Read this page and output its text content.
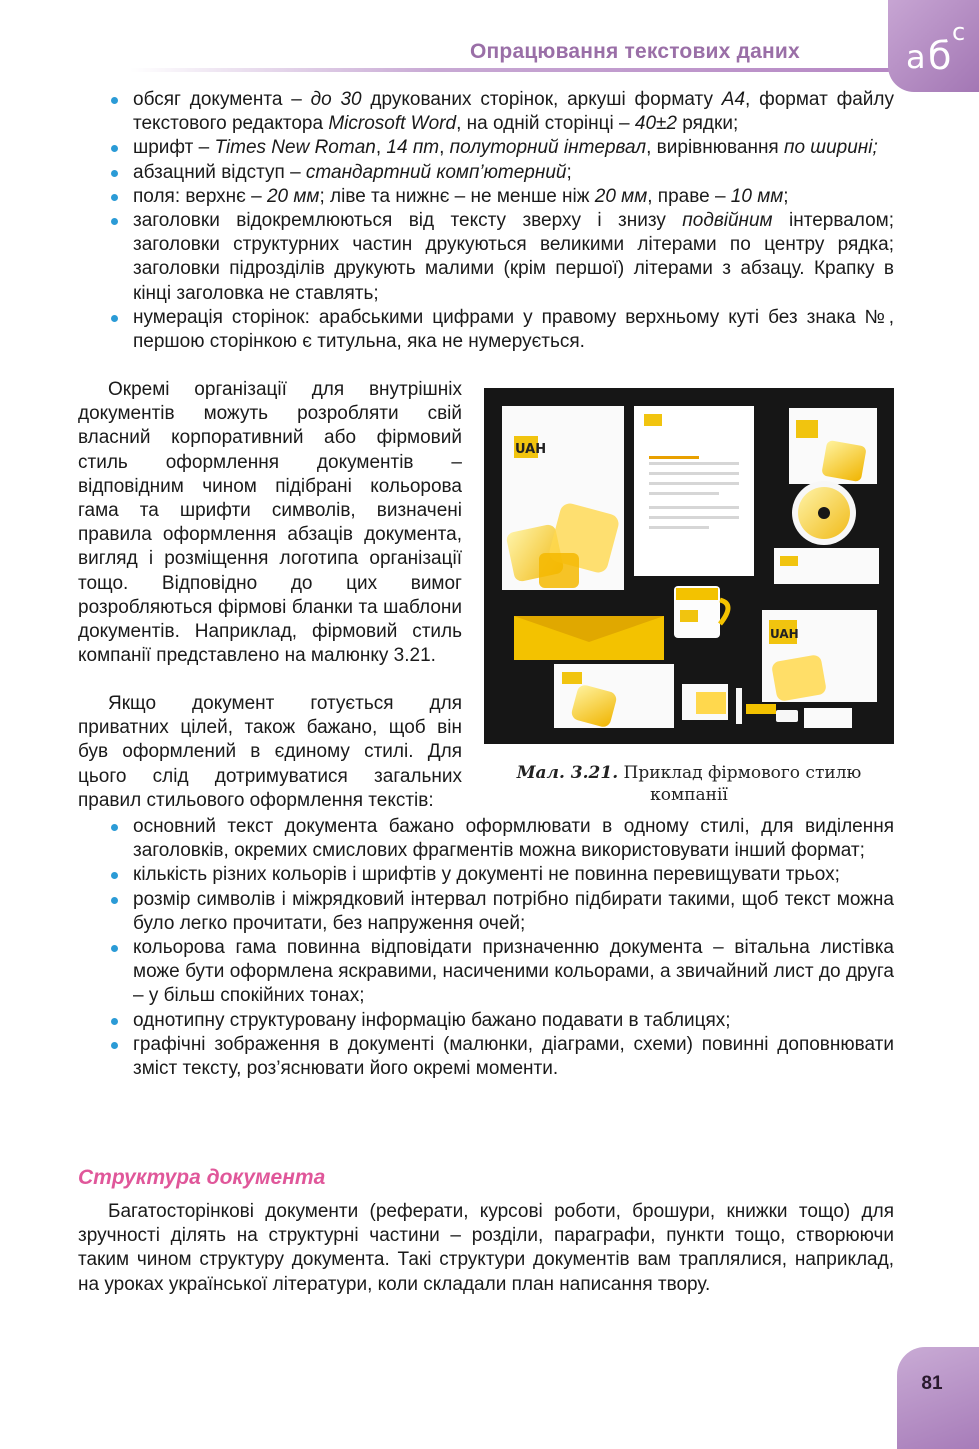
Опрацювання текстових даних	a б
c
обсяг документа – до 30 друкованих сторінок, аркуші формату А4, формат файлу текстового редактора Microsoft Word, на одній сторінці – 40±2 рядки;
шрифт – Times New Roman, 14 пт, полуторний інтервал, вирівнювання по ширині;
абзацний відступ – стандартний комп’ютерний;
поля: верхнє – 20 мм; ліве та нижнє – не менше ніж 20 мм, праве – 10 мм;
заголовки відокремлюються від тексту зверху і знизу подвійним інтервалом; заголовки структурних частин друкуються великими літерами по центру рядка; заголовки підрозділів друкують малими (крім першої) літерами з абзацу. Крапку в кінці заголовка не ставлять;
нумерація сторінок: арабськими цифрами у правому верхньому куті без знака №, першою сторінкою є титульна, яка не нумерується.
Окремі організації для внутрішніх документів можуть розробляти свій власний корпоративний або фірмовий стиль оформлення документів – відповідним чином підібрані кольорова гама та шрифти символів, визначені правила оформлення абзаців документа, вигляд і розміщення логотипа організації тощо. Відповідно до цих вимог розробляються фірмові бланки та шаблони документів. Наприклад, фірмовий стиль компанії представлено на малюнку 3.21.
Якщо документ готується для приватних цілей, також бажано, щоб він був оформлений в єдиному стилі. Для цього слід дотримуватися загальних правил стильового оформлення текстів:
UAH
UAH
Мал. 3.21. Приклад фірмового стилю компанії
основний текст документа бажано оформлювати в одному стилі, для виділення заголовків, окремих смислових фрагментів можна використовувати інший формат;
кількість різних кольорів і шрифтів у документі не повинна перевищувати трьох;
розмір символів і міжрядковий інтервал потрібно підбирати такими, щоб текст можна було легко прочитати, без напруження очей;
кольорова гама повинна відповідати призначенню документа – вітальна листівка може бути оформлена яскравими, насиченими кольорами, а звичайний лист до друга – у більш спокійних тонах;
однотипну структуровану інформацію бажано подавати в таблицях;
графічні зображення в документі (малюнки, діаграми, схеми) повинні доповнювати зміст тексту, роз’яснювати його окремі моменти.
Структура документа
Багатосторінкові документи (реферати, курсові роботи, брошури, книжки тощо) для зручності ділять на структурні частини – розділи, параграфи, пункти тощо, створюючи таким чином структуру документа. Такі структури документів вам траплялися, наприклад, на уроках української літератури, коли складали план написання твору.
81
